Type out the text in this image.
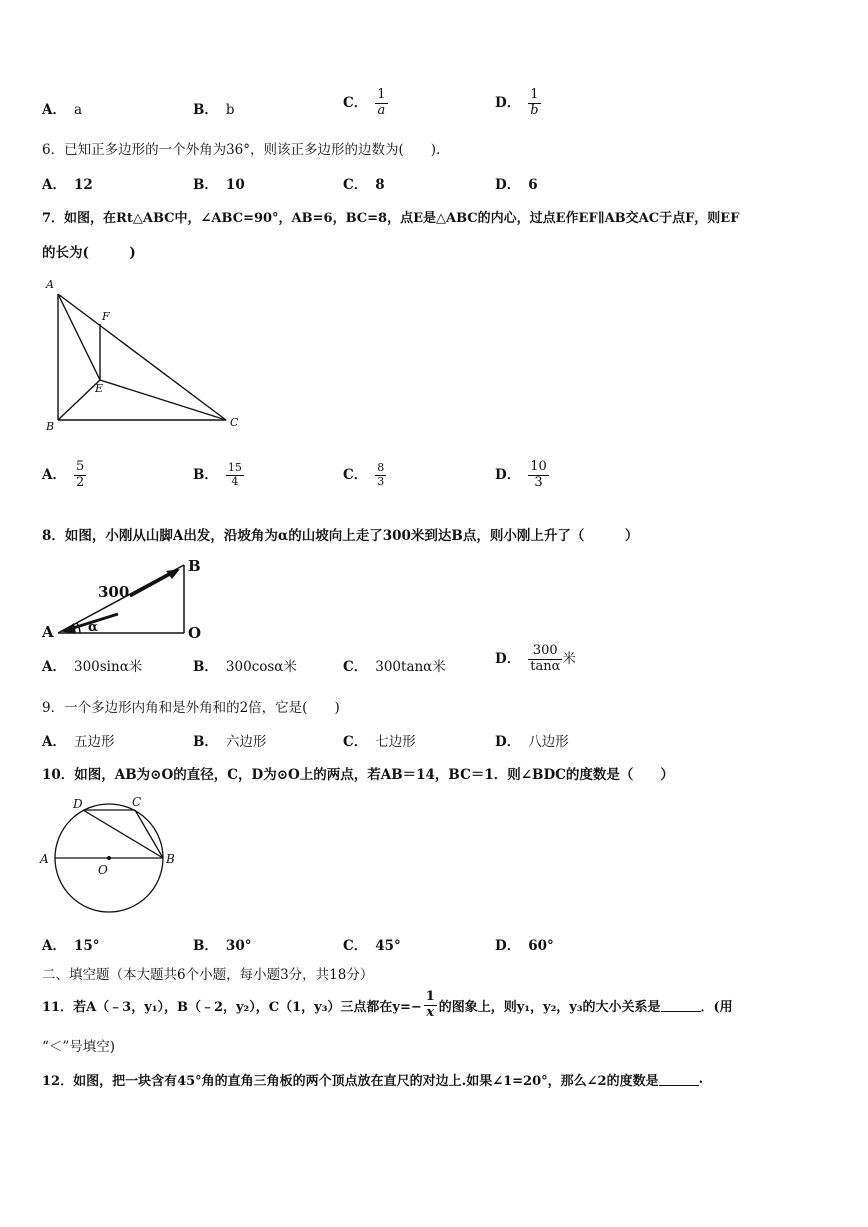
A． a	B． b	C． $\frac{1}{a}$	D． $\frac{1}{b}$
6．已知正多边形的一个外角为36°，则该正多边形的边数为(　　).
A． 12	B． 10	C． 8	D． 6
7．如图，在Rt△ABC中，∠ABC=90°，AB=6，BC=8，点E是△ABC的内心，过点E作EF∥AB交AC于点F，则EF
的长为(　　　)
A
B	C
E
F
A． $\frac{5}{2}$	B． $\frac{15}{4}$	C． $\frac{8}{3}$	D． $\frac{10}{3}$
8．如图，小刚从山脚A出发，沿坡角为α的山坡向上走了300米到达B点，则小刚上升了（　　　）
A
B
O
300
α
A． 300sinα米	B． 300cosα米	C． 300tanα米
D． $\frac{300}{\tan\alpha}$ 米
9．一个多边形内角和是外角和的2倍，它是(　　)
A． 五边形	B． 六边形	C． 七边形	D． 八边形
10．如图，AB为⊙O的直径，C，D为⊙O上的两点，若AB＝14，BC＝1．则∠BDC的度数是（　　）
A	B
C
D
O
A． 15°	B． 30°	C． 45°	D． 60°
二、填空题（本大题共6个小题，每小题3分，共18分）
11．若A（﹣3，y₁），B（﹣2，y₂），C（1，y₃）三点都在$y=- \frac{1}{x}$ 的图象上，则y₁，y₂，y₃的大小关系是	．(用
“＜”号填空)
12．如图，把一块含有45°角的直角三角板的两个顶点放在直尺的对边上.如果∠1=20°，那么∠2的度数是	.
